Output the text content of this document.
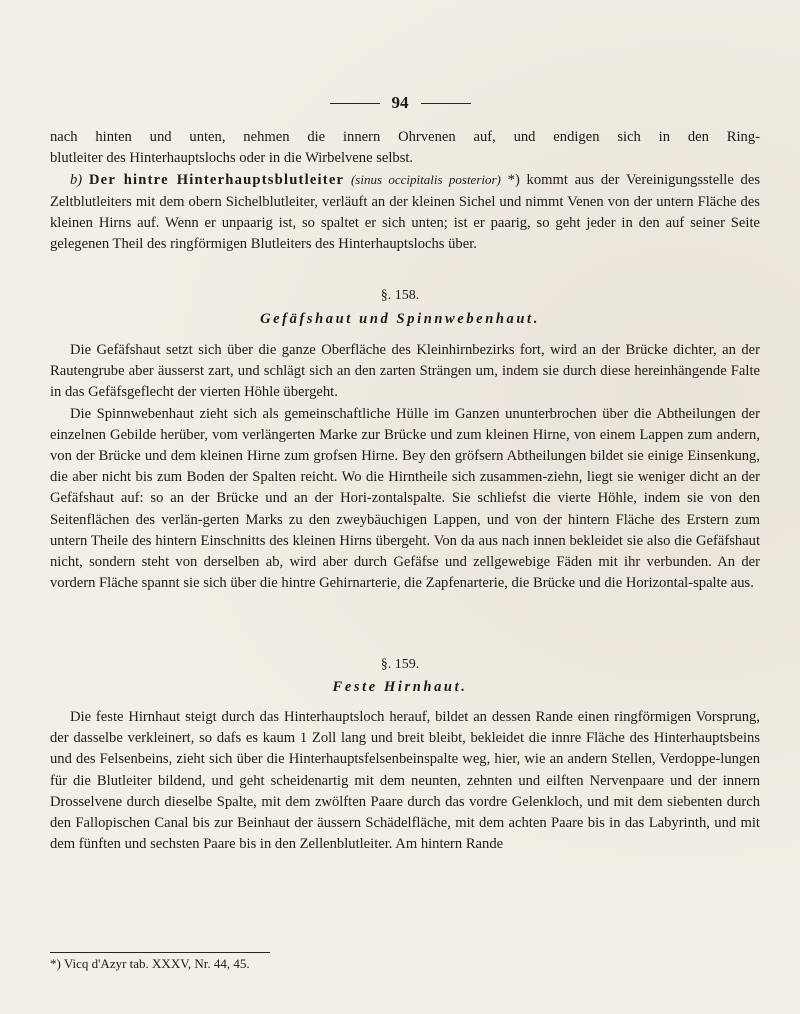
94

nach hinten und unten, nehmen die innern Ohrvenen auf, und endigen sich in den Ring-

blutleiter des Hinterhauptslochs oder in die Wirbelvene selbst.

b) Der hintre Hinterhauptsblutleiter (sinus occipitalis posterior) *) kommt aus der Vereinigungsstelle des Zeltblutleiters mit dem obern Sichelblutleiter, verläuft an der kleinen Sichel und nimmt Venen von der untern Fläche des kleinen Hirns auf. Wenn er unpaarig ist, so spaltet er sich unten; ist er paarig, so geht jeder in den auf seiner Seite gelegenen Theil des ringförmigen Blutleiters des Hinterhauptslochs über.

§. 158.
Gefäfshaut und Spinnwebenhaut.

Die Gefäfshaut setzt sich über die ganze Oberfläche des Kleinhirnbezirks fort, wird an der Brücke dichter, an der Rautengrube aber äusserst zart, und schlägt sich an den zarten Strängen um, indem sie durch diese hereinhängende Falte in das Gefäfsgeflecht der vierten Höhle übergeht.

Die Spinnwebenhaut zieht sich als gemeinschaftliche Hülle im Ganzen ununterbrochen über die Abtheilungen der einzelnen Gebilde herüber, vom verlängerten Marke zur Brücke und zum kleinen Hirne, von einem Lappen zum andern, von der Brücke und dem kleinen Hirne zum grofsen Hirne. Bey den gröfsern Abtheilungen bildet sie einige Einsenkung, die aber nicht bis zum Boden der Spalten reicht. Wo die Hirntheile sich zusammen-ziehn, liegt sie weniger dicht an der Gefäfshaut auf: so an der Brücke und an der Hori-zontalspalte. Sie schliefst die vierte Höhle, indem sie von den Seitenflächen des verlän-gerten Marks zu den zweybäuchigen Lappen, und von der hintern Fläche des Erstern zum untern Theile des hintern Einschnitts des kleinen Hirns übergeht. Von da aus nach innen bekleidet sie also die Gefäfshaut nicht, sondern steht von derselben ab, wird aber durch Gefäfse und zellgewebige Fäden mit ihr verbunden. An der vordern Fläche spannt sie sich über die hintre Gehirnarterie, die Zapfenarterie, die Brücke und die Horizontal-spalte aus.

§. 159.
Feste Hirnhaut.

Die feste Hirnhaut steigt durch das Hinterhauptsloch herauf, bildet an dessen Rande einen ringförmigen Vorsprung, der dasselbe verkleinert, so dafs es kaum 1 Zoll lang und breit bleibt, bekleidet die innre Fläche des Hinterhauptsbeins und des Felsenbeins, zieht sich über die Hinterhauptsfelsenbeinspalte weg, hier, wie an andern Stellen, Verdoppe-lungen für die Blutleiter bildend, und geht scheidenartig mit dem neunten, zehnten und eilften Nervenpaare und der innern Drosselvene durch dieselbe Spalte, mit dem zwölften Paare durch das vordre Gelenkloch, und mit dem siebenten durch den Fallopischen Canal bis zur Beinhaut der äussern Schädelfläche, mit dem achten Paare bis in das Labyrinth, und mit dem fünften und sechsten Paare bis in den Zellenblutleiter. Am hintern Rande

*) Vicq d'Azyr tab. XXXV, Nr. 44, 45.
